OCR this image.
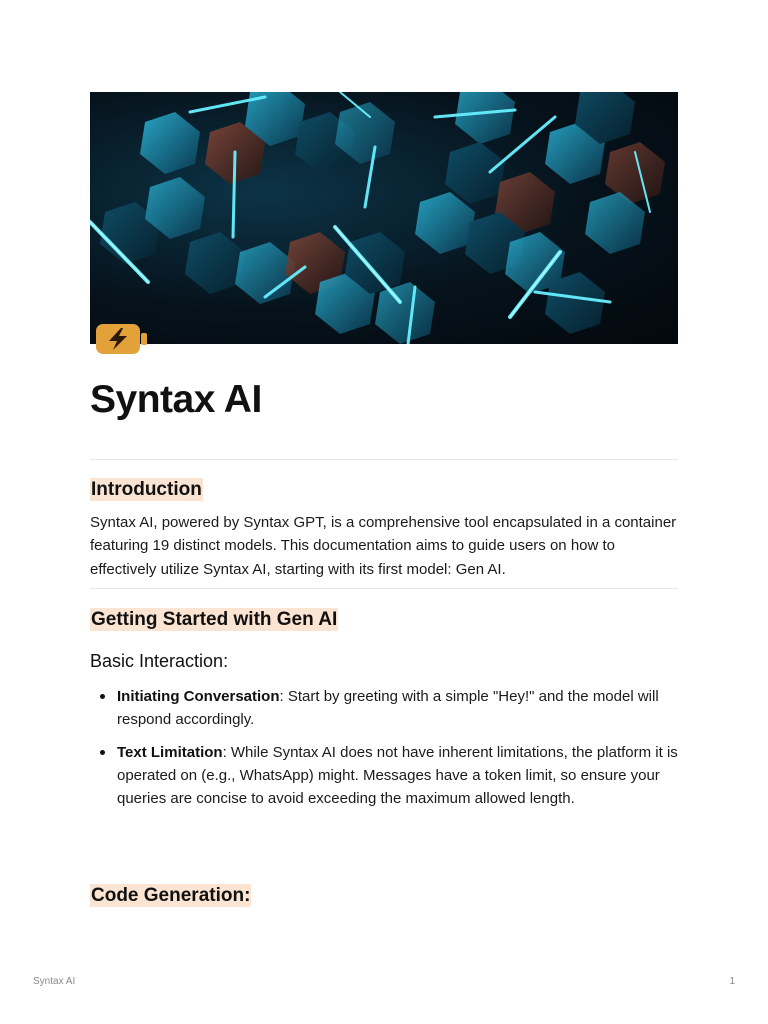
Syntax AI
Introduction

Syntax AI, powered by Syntax GPT, is a comprehensive tool encapsulated in a container featuring 19 distinct models. This documentation aims to guide users on how to effectively utilize Syntax AI, starting with its first model: Gen AI.

Getting Started with Gen AI
Basic Interaction:
Initiating Conversation: Start by greeting with a simple "Hey!" and the model will respond accordingly.
Text Limitation: While Syntax AI does not have inherent limitations, the platform it is operated on (e.g., WhatsApp) might. Messages have a token limit, so ensure your queries are concise to avoid exceeding the maximum allowed length.
Code Generation:
Syntax AI	1
